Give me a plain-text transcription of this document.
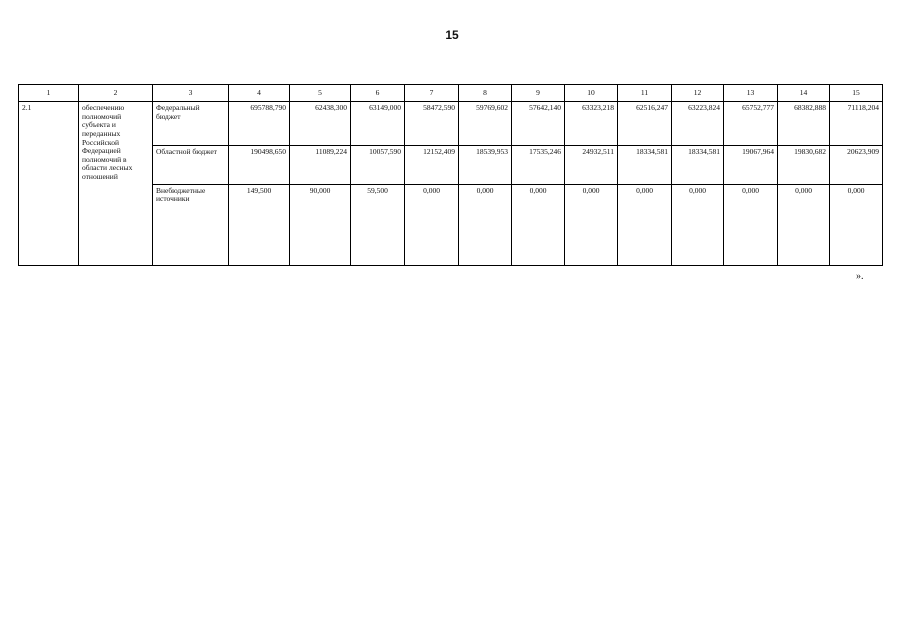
15
1	2	3	4	5	6	7	8	9	10	11	12	13	14	15
2.1	обеспечению полномочий субъекта и переданных Российской Федерацией полномочий в области лесных отношений	Федеральный бюджет	695788,790	62438,300	63149,000	58472,590	59769,602	57642,140	63323,218	62516,247	63223,824	65752,777	68382,888	71118,204
		Областной бюджет	190498,650	11089,224	10057,590	12152,409	18539,953	17535,246	24932,511	18334,581	18334,581	19067,964	19830,682	20623,909
		Внебюджетные источники	149,500	90,000	59,500	0,000	0,000	0,000	0,000	0,000	0,000	0,000	0,000	0,000
».
